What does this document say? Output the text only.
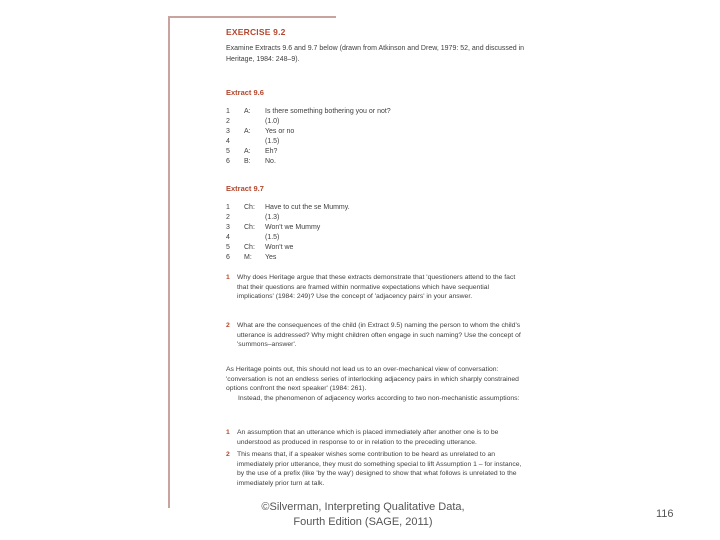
EXERCISE 9.2
Examine Extracts 9.6 and 9.7 below (drawn from Atkinson and Drew, 1979: 52, and discussed in Heritage, 1984: 248–9).
Extract 9.6
1	A:	Is there something bothering you or not?
2	(1.0)
3	A:	Yes or no
4	(1.5)
5	A:	Eh?
6	B:	No.
Extract 9.7
1	Ch:	Have to cut the se Mummy.
2	(1.3)
3	Ch:	Won't we Mummy
4	(1.5)
5	Ch:	Won't we
6	M:	Yes
1 Why does Heritage argue that these extracts demonstrate that 'questioners attend to the fact that their questions are framed within normative expectations which have sequential implications' (1984: 249)? Use the concept of 'adjacency pairs' in your answer.
2 What are the consequences of the child (in Extract 9.5) naming the person to whom the child's utterance is addressed? Why might children often engage in such naming? Use the concept of 'summons–answer'.
As Heritage points out, this should not lead us to an over-mechanical view of conversation: 'conversation is not an endless series of interlocking adjacency pairs in which sharply constrained options confront the next speaker' (1984: 261).
Instead, the phenomenon of adjacency works according to two non-mechanistic assumptions:
1 An assumption that an utterance which is placed immediately after another one is to be understood as produced in response to or in relation to the preceding utterance.
2 This means that, if a speaker wishes some contribution to be heard as unrelated to an immediately prior utterance, they must do something special to lift Assumption 1 – for instance, by the use of a prefix (like 'by the way') designed to show that what follows is unrelated to the immediately prior turn at talk.
©Silverman, Interpreting Qualitative Data,
Fourth Edition (SAGE, 2011)
116
